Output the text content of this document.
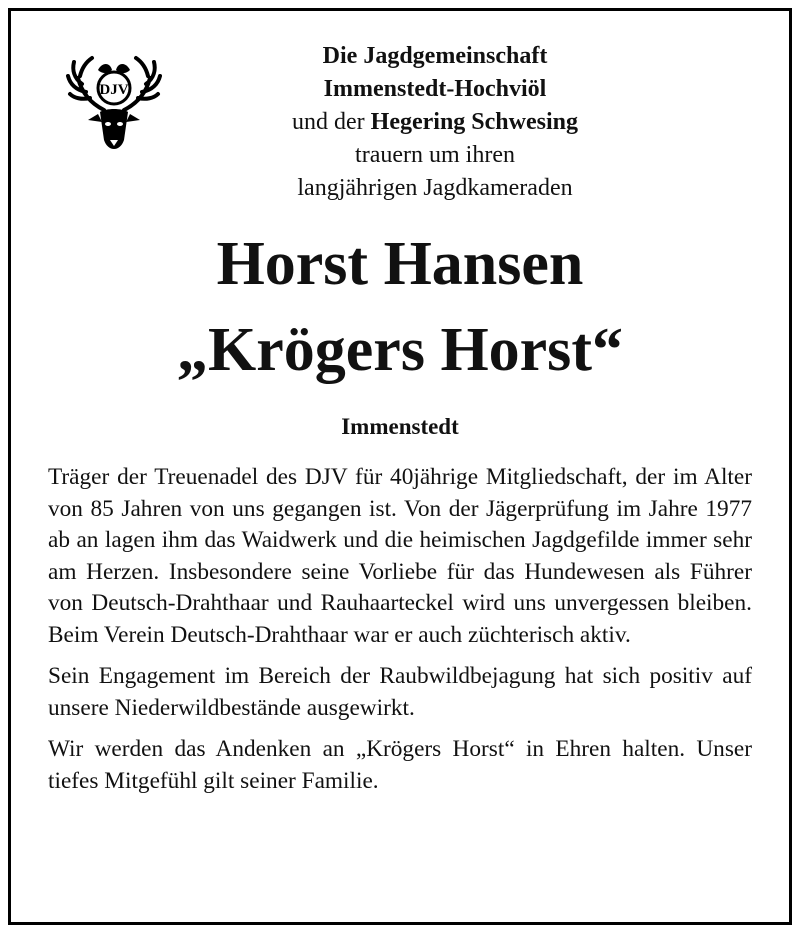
DJV
Die Jagdgemeinschaft
Immenstedt-Hochviöl
und der Hegering Schwesing
trauern um ihren
langjährigen Jagdkameraden
Horst Hansen
„Krögers Horst“
Immenstedt

Träger der Treuenadel des DJV für 40jährige Mitgliedschaft, der im Alter von 85 Jahren von uns gegangen ist. Von der Jägerprüfung im Jahre 1977 ab an lagen ihm das Waidwerk und die heimischen Jagdgefilde immer sehr am Herzen. Insbesondere seine Vorliebe für das Hundewesen als Führer von Deutsch-Drahthaar und Rauhaarteckel wird uns unvergessen bleiben. Beim Verein Deutsch-Drahthaar war er auch züchterisch aktiv.

Sein Engagement im Bereich der Raubwildbejagung hat sich positiv auf unsere Niederwildbestände ausgewirkt.

Wir werden das Andenken an „Krögers Horst“ in Ehren halten. Unser tiefes Mitgefühl gilt seiner Familie.
